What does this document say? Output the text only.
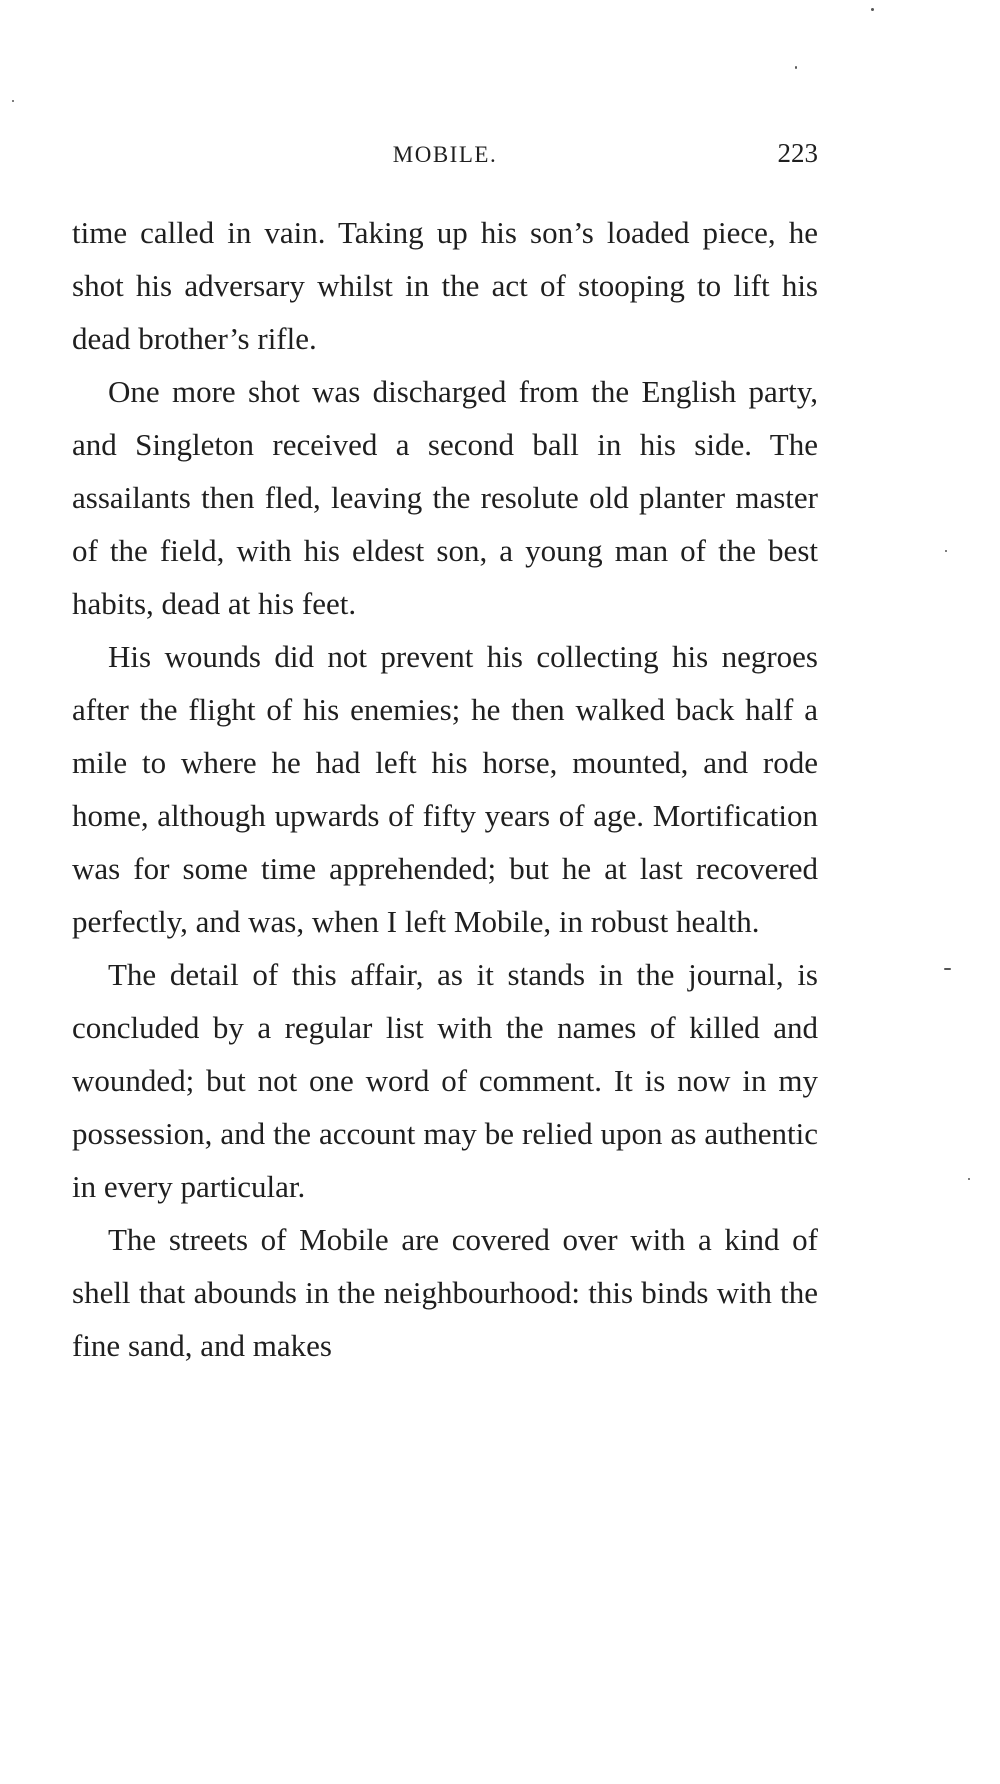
MOBILE.	223

time called in vain. Taking up his son’s loaded piece, he shot his adversary whilst in the act of stooping to lift his dead brother’s rifle.

One more shot was discharged from the English party, and Singleton received a second ball in his side. The assailants then fled, leaving the resolute old planter master of the field, with his eldest son, a young man of the best habits, dead at his feet.

His wounds did not prevent his collecting his negroes after the flight of his enemies; he then walked back half a mile to where he had left his horse, mounted, and rode home, although upwards of fifty years of age. Mortification was for some time apprehended; but he at last recovered perfectly, and was, when I left Mobile, in robust health.

The detail of this affair, as it stands in the journal, is concluded by a regular list with the names of killed and wounded; but not one word of comment. It is now in my possession, and the account may be relied upon as authentic in every particular.

The streets of Mobile are covered over with a kind of shell that abounds in the neighbourhood: this binds with the fine sand, and makes
